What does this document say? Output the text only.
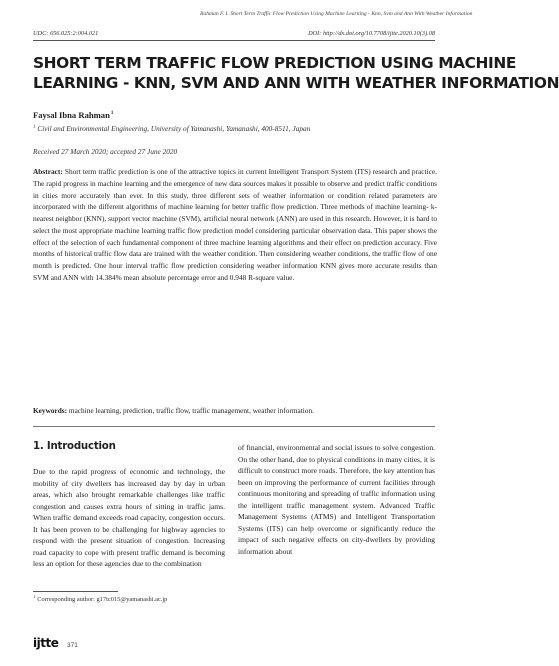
Rahman F. I. Short Term Traffic Flow Prediction Using Machine Learning - Knn, Svm and Ann With Weather Information
UDC: 656.025:2:004.021	DOI: http://dx.doi.org/10.7708/ijtte.2020.10(3).08
SHORT TERM TRAFFIC FLOW PREDICTION USING MACHINE
LEARNING - KNN, SVM AND ANN WITH WEATHER INFORMATION
Faysal Ibna Rahman$^1$
$^1$ Civil and Environmental Engineering, University of Yamanashi, Yamanashi, 400-8511, Japan
Received 27 March 2020; accepted 27 June 2020

Abstract: Short term traffic prediction is one of the attractive topics in current Intelligent Transport System (ITS) research and practice. The rapid progress in machine learning and the emergence of new data sources makes it possible to observe and predict traffic conditions in cities more accurately than ever. In this study, three different sets of weather information or condition related parameters are incorporated with the different algorithms of machine learning for better traffic flow prediction. Three methods of machine learning- k-nearest neighbor (KNN), support vector machine (SVM), artificial neural network (ANN) are used in this research. However, it is hard to select the most appropriate machine learning traffic flow prediction model considering particular observation data. This paper shows the effect of the selection of each fundamental component of three machine learning algorithms and their effect on prediction accuracy. Five months of historical traffic flow data are trained with the weather condition. Then considering weather conditions, the traffic flow of one month is predicted. One hour interval traffic flow prediction considering weather information KNN gives more accurate results than SVM and ANN with 14.384% mean absolute percentage error and 0.948 R-square value.

Keywords: machine learning, prediction, traffic flow, traffic management, weather information.

1. Introduction

Due to the rapid progress of economic and technology, the mobility of city dwellers has increased day by day in urban areas, which also brought remarkable challenges like traffic congestion and causes extra hours of sitting in traffic jams. When traffic demand exceeds road capacity, congestion occurs. It has been proven to be challenging for highway agencies to respond with the present situation of congestion. Increasing road capacity to cope with present traffic demand is becoming less an option for these agencies due to the combination

of financial, environmental and social issues to solve congestion. On the other hand, due to physical conditions in many cities, it is difficult to construct more roads. Therefore, the key attention has been on improving the performance of current facilities through continuous monitoring and spreading of traffic information using the intelligent traffic management system. Advanced Traffic Management Systems (ATMS) and Intelligent Transportation Systems (ITS) can help overcome or significantly reduce the impact of such negative effects on city-dwellers by providing information about

$^1$ Corresponding author: g17tc015@yamanashi.ac.jp
ijtte 371
